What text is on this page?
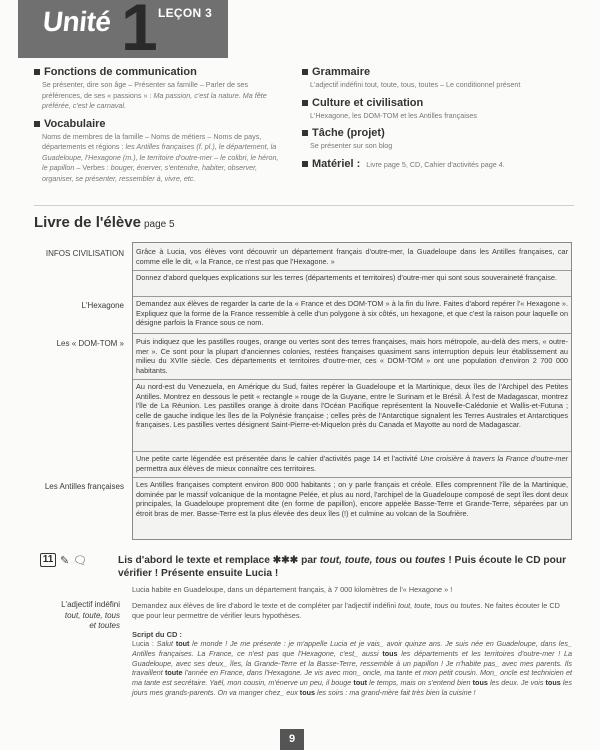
Unité 1 LEÇON 3
Fonctions de communication
Se présenter, dire son âge – Présenter sa famille – Parler de ses préférences, de ses « passions » : Ma passion, c'est la nature. Ma fête préférée, c'est le carnaval.
Vocabulaire
Noms de membres de la famille – Noms de métiers – Noms de pays, départements et régions : les Antilles françaises (f. pl.), le département, la Guadeloupe, l'Hexagone (m.), le territoire d'outre-mer – le colibri, le héron, le papillon – Verbes : bouger, énerver, s'entendre, habiter, observer, organiser, se présenter, ressembler à, vivre, etc.
Grammaire
L'adjectif indéfini tout, toute, tous, toutes – Le conditionnel présent
Culture et civilisation
L'Hexagone, les DOM-TOM et les Antilles françaises
Tâche (projet)
Se présenter sur son blog
Matériel : Livre page 5, CD, Cahier d'activités page 4.
Livre de l'élève page 5
INFOS CIVILISATION Grâce à Lucia, vos élèves vont découvrir un département français d'outre-mer, la Guadeloupe dans les Antilles françaises, car comme elle le dit, « la France, ce n'est pas que l'Hexagone. »
Donnez d'abord quelques explications sur les terres (départements et territoires) d'outre-mer qui sont sous souveraineté française.
L'Hexagone Demandez aux élèves de regarder la carte de la « France et des DOM-TOM » à la fin du livre. Faites d'abord repérer l'« Hexagone ». Expliquez que la forme de la France ressemble à celle d'un polygone à six côtés, un hexagone, et que c'est la raison pour laquelle on désigne parfois la France sous ce nom.
Les « DOM-TOM » Puis indiquez que les pastilles rouges, orange ou vertes sont des terres françaises, mais hors métropole, au-delà des mers, « outre-mer ». Ce sont pour la plupart d'anciennes colonies, restées françaises quasiment sans interruption depuis leur établissement au milieu du XVIIe siècle. Ces départements et territoires d'outre-mer, ces « DOM-TOM » ont une population d'environ 2 700 000 habitants.
Au nord-est du Venezuela, en Amérique du Sud, faites repérer la Guadeloupe et la Martinique, deux îles de l'Archipel des Petites Antilles. Montrez en dessous le petit « rectangle » rouge de la Guyane, entre le Surinam et le Brésil. À l'est de Madagascar, montrez l'île de La Réunion. Les pastilles orange à droite dans l'Océan Pacifique représentent la Nouvelle-Calédonie et Wallis-et-Futuna ; celle de gauche indique les îles de la Polynésie française ; celles près de l'Antarctique signalent les Terres Australes et Antarctiques françaises. Les pastilles vertes désignent Saint-Pierre-et-Miquelon près du Canada et Mayotte au nord de Madagascar.
Une petite carte légendée est présentée dans le cahier d'activités page 14 et l'activité Une croisière à travers la France d'outre-mer permettra aux élèves de mieux connaître ces territoires.
Les Antilles françaises Les Antilles françaises comptent environ 800 000 habitants ; on y parle français et créole. Elles comprennent l'île de la Martinique, dominée par le massif volcanique de la montagne Pelée, et plus au nord, l'archipel de la Guadeloupe composé de sept îles dont deux principales, la Guadeloupe proprement dite (en forme de papillon), encore appelée Basse-Terre et Grande-Terre, séparées par un étroit bras de mer. Basse-Terre est la plus élevée des deux îles (!) et culmine au volcan de la Soufrière.
11 ✎ 🗨	Lis d'abord le texte et remplace ✱✱✱ par tout, toute, tous ou toutes ! Puis écoute le CD pour vérifier ! Présente ensuite Lucia !
Lucia habite en Guadeloupe, dans un département français, à 7 000 kilomètres de l'« Hexagone » !
L'adjectif indéfini
tout, toute, tous
et toutes
Demandez aux élèves de lire d'abord le texte et de compléter par l'adjectif indéfini tout, toute, tous ou toutes. Ne faites écouter le CD que pour leur permettre de vérifier leurs hypothèses.
Script du CD :
Lucia : Salut tout le monde ! Je me présente : je m'appelle Lucia et je vais_ avoir quinze ans. Je suis née en Guadeloupe, dans les_ Antilles françaises. La France, ce n'est pas que l'Hexagone, c'est_ aussi tous les départements et les territoires d'outre-mer ! La Guadeloupe, avec ses deux_ îles, la Grande-Terre et la Basse-Terre, ressemble à un papillon ! Je n'habite pas_ avec mes parents. Ils travaillent toute l'année en France, dans l'Hexagone. Je vis avec mon_ oncle, ma tante et mon petit cousin. Mon_ oncle est technicien et ma tante est secrétaire. Yaël, mon cousin, m'énerve un peu, il bouge tout le temps, mais on s'entend bien tous les deux. Je vois tous les jours mes grands-parents. On va manger chez_ eux tous les soirs : ma grand-mère fait très bien la cuisine !
9
